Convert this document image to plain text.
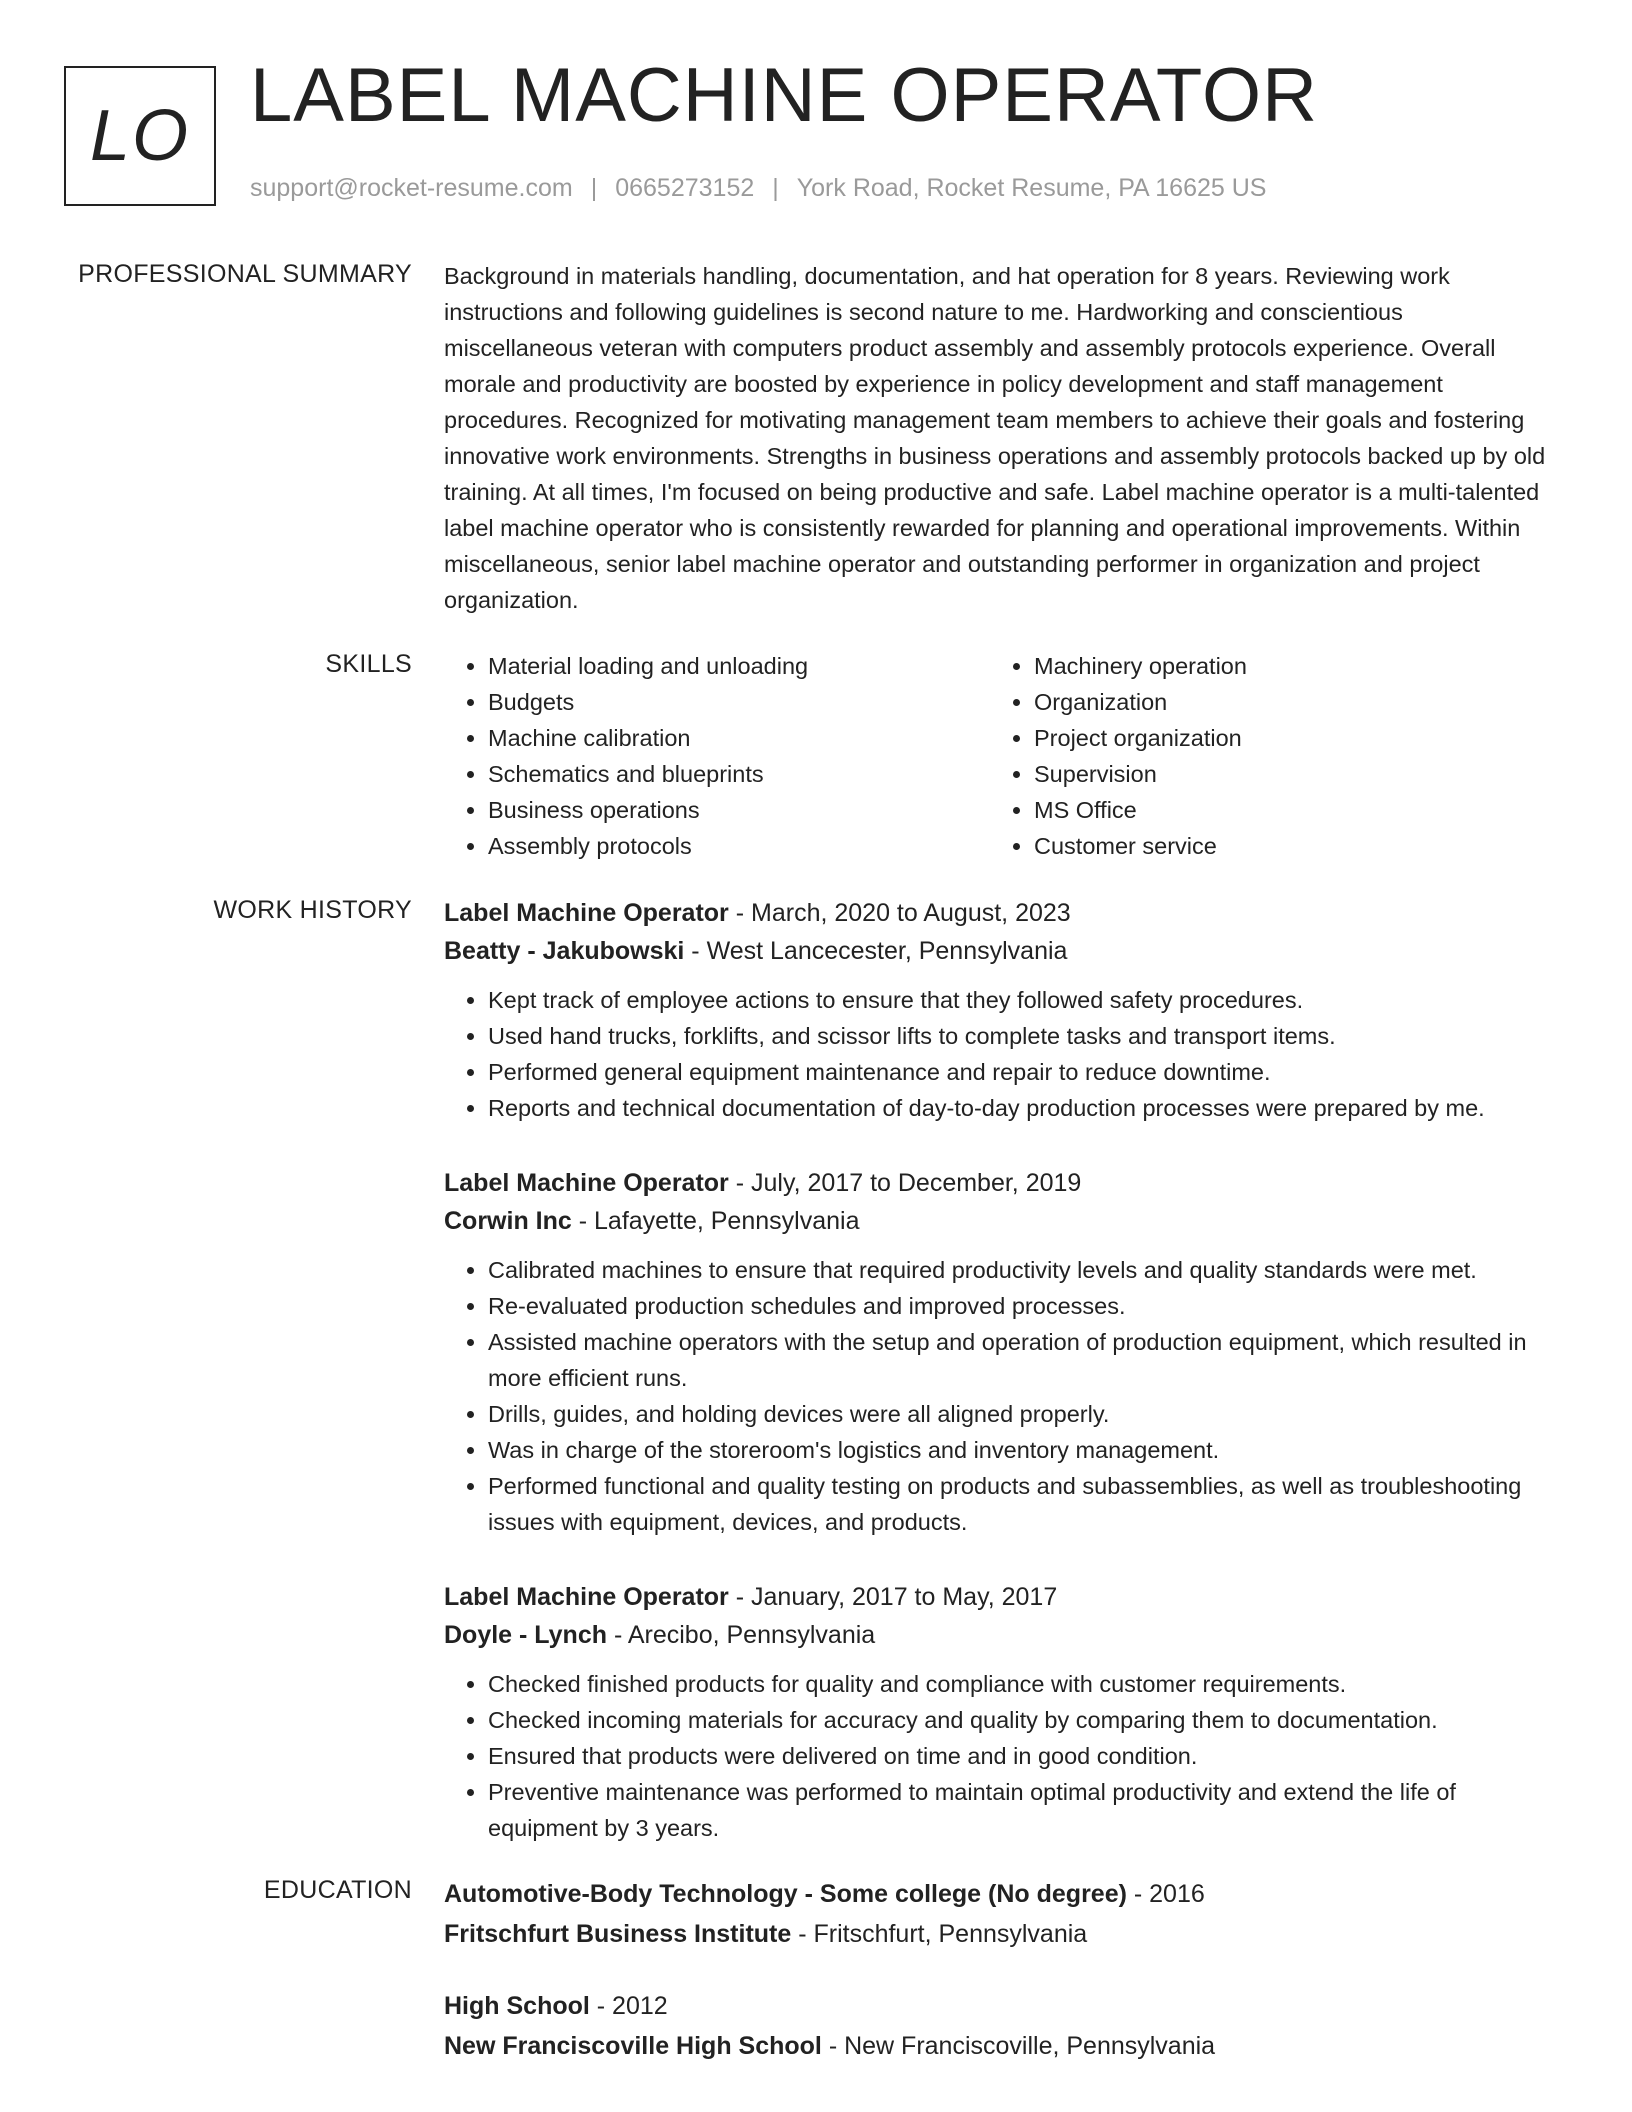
LO LABEL MACHINE OPERATOR
support@rocket-resume.com | 0665273152 | York Road, Rocket Resume, PA 16625 US
PROFESSIONAL SUMMARY Background in materials handling, documentation, and hat operation for 8 years. Reviewing work instructions and following guidelines is second nature to me. Hardworking and conscientious miscellaneous veteran with computers product assembly and assembly protocols experience. Overall morale and productivity are boosted by experience in policy development and staff management procedures. Recognized for motivating management team members to achieve their goals and fostering innovative work environments. Strengths in business operations and assembly protocols backed up by old training. At all times, I'm focused on being productive and safe. Label machine operator is a multi-talented label machine operator who is consistently rewarded for planning and operational improvements. Within miscellaneous, senior label machine operator and outstanding performer in organization and project organization.

SKILLS
•	Material loading and unloading
• Budgets
• Machine calibration
• Schematics and blueprints
• Business operations
• Assembly protocols
• Machinery operation
• Organization
• Project organization
• Supervision
• MS Office
• Customer service
WORK HISTORY Label Machine Operator - March, 2020 to August, 2023
Beatty - Jakubowski - West Lancecester, Pennsylvania
• Kept track of employee actions to ensure that they followed safety procedures.
• Used hand trucks, forklifts, and scissor lifts to complete tasks and transport items.
• Performed general equipment maintenance and repair to reduce downtime.
• Reports and technical documentation of day-to-day production processes were prepared by me.
Label Machine Operator - July, 2017 to December, 2019
Corwin Inc - Lafayette, Pennsylvania
• Calibrated machines to ensure that required productivity levels and quality standards were met.
• Re-evaluated production schedules and improved processes.
• Assisted machine operators with the setup and operation of production equipment, which resulted in more efficient runs.
• Drills, guides, and holding devices were all aligned properly.
• Was in charge of the storeroom's logistics and inventory management.
• Performed functional and quality testing on products and subassemblies, as well as troubleshooting issues with equipment, devices, and products.
Label Machine Operator - January, 2017 to May, 2017
Doyle - Lynch - Arecibo, Pennsylvania
• Checked finished products for quality and compliance with customer requirements.
• Checked incoming materials for accuracy and quality by comparing them to documentation.
• Ensured that products were delivered on time and in good condition.
• Preventive maintenance was performed to maintain optimal productivity and extend the life of equipment by 3 years.
EDUCATION Automotive-Body Technology - Some college (No degree) - 2016
Fritschfurt Business Institute - Fritschfurt, Pennsylvania
High School - 2012
New Franciscoville High School - New Franciscoville, Pennsylvania
